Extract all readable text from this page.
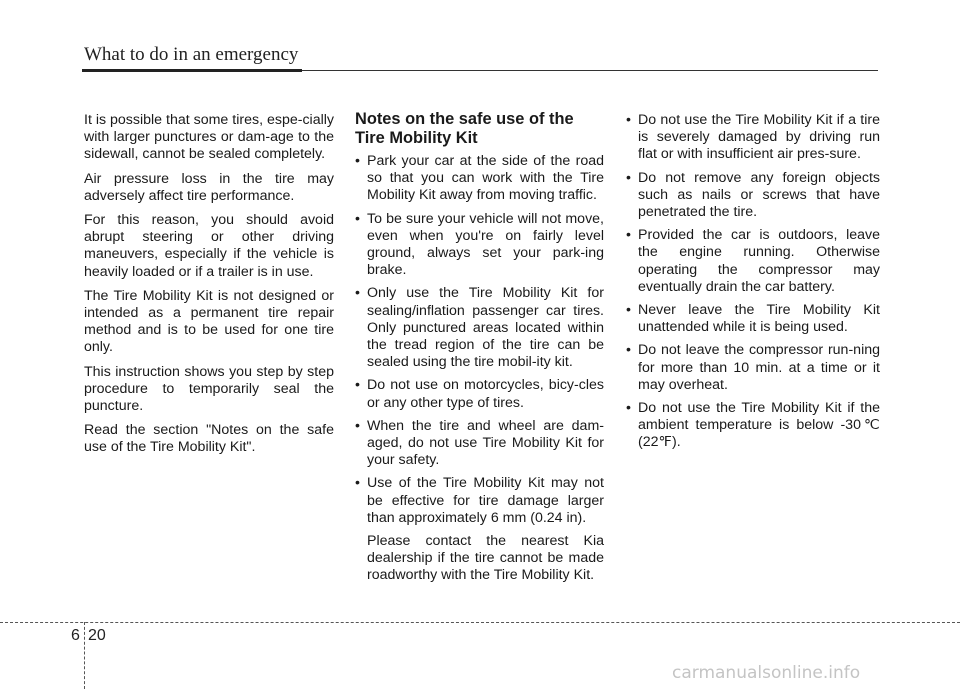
What to do in an emergency

It is possible that some tires, espe-cially with larger punctures or dam-age to the sidewall, cannot be sealed completely.

Air pressure loss in the tire may adversely affect tire performance.

For this reason, you should avoid abrupt steering or other driving maneuvers, especially if the vehicle is heavily loaded or if a trailer is in use.

The Tire Mobility Kit is not designed or intended as a permanent tire repair method and is to be used for one tire only.

This instruction shows you step by step procedure to temporarily seal the puncture.

Read the section "Notes on the safe use of the Tire Mobility Kit".

Notes on the safe use of the Tire Mobility Kit
• Park your car at the side of the road so that you can work with the Tire Mobility Kit away from moving traffic.
• To be sure your vehicle will not move, even when you're on fairly level ground, always set your park-ing brake.
• Only use the Tire Mobility Kit for sealing/inflation passenger car tires. Only punctured areas located within the tread region of the tire can be sealed using the tire mobil-ity kit.
• Do not use on motorcycles, bicy-cles or any other type of tires.
• When the tire and wheel are dam-aged, do not use Tire Mobility Kit for your safety.
• Use of the Tire Mobility Kit may not be effective for tire damage larger than approximately 6 mm (0.24 in).
Please contact the nearest Kia dealership if the tire cannot be made roadworthy with the Tire Mobility Kit.
• Do not use the Tire Mobility Kit if a tire is severely damaged by driving run flat or with insufficient air pres-sure.
• Do not remove any foreign objects such as nails or screws that have penetrated the tire.
• Provided the car is outdoors, leave the engine running. Otherwise operating the compressor may eventually drain the car battery.
• Never leave the Tire Mobility Kit unattended while it is being used.
• Do not leave the compressor run-ning for more than 10 min. at a time or it may overheat.
• Do not use the Tire Mobility Kit if the ambient temperature is below -30℃ (22℉).
6 20
carmanualsonline.info
